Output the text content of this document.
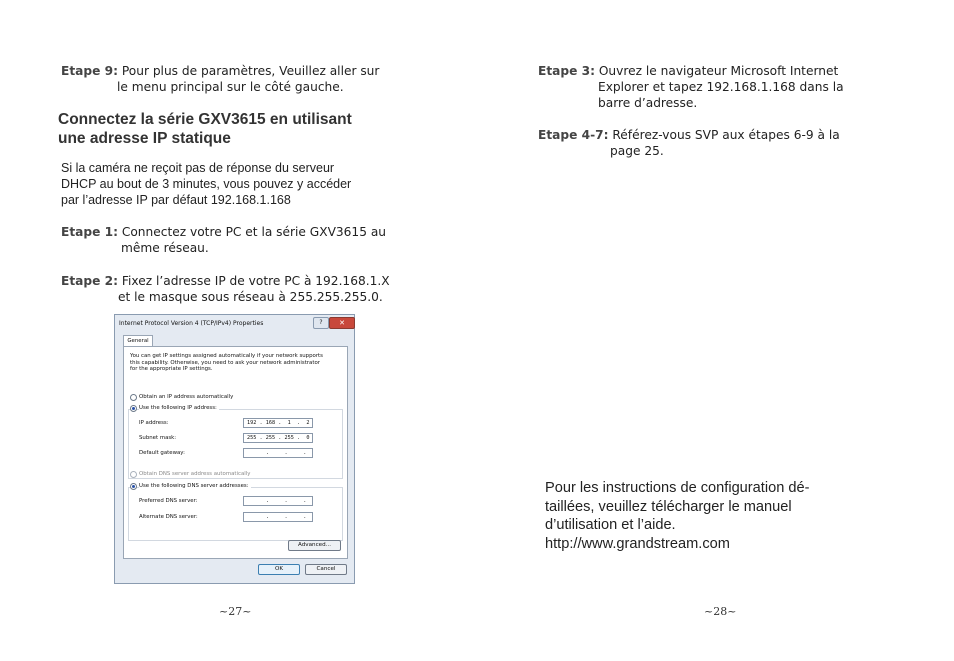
Etape 9: Pour plus de paramètres, Veuillez aller sur
le menu principal sur le côté gauche.
Connectez la série GXV3615 en utilisant
une adresse IP statique
Si la caméra ne reçoit pas de réponse du serveur
DHCP au bout de 3 minutes, vous pouvez y accéder
par l’adresse IP par défaut 192.168.1.168
Etape 1: Connectez votre PC et la série GXV3615 au
même réseau.
Etape 2: Fixez l’adresse IP de votre PC à 192.168.1.X
et le masque sous réseau à 255.255.255.0.
Internet Protocol Version 4 (TCP/IPv4) Properties	?	✕
General
You can get IP settings assigned automatically if your network supports
this capability. Otherwise, you need to ask your network administrator
for the appropriate IP settings.
Obtain an IP address automatically
Use the following IP address:
IP address:	192 . 168 .  1  .  2
Subnet mask:	255 . 255 . 255 .  0
Default gateway:	.     .     .
Obtain DNS server address automatically
Use the following DNS server addresses:
Preferred DNS server:	.     .     .
Alternate DNS server:	.     .     .
Advanced...
OK	Cancel
~27~
Etape 3: Ouvrez le navigateur Microsoft Internet
Explorer et tapez 192.168.1.168 dans la
barre d’adresse.
Etape 4-7: Référez-vous SVP aux étapes 6-9 à la
page 25.
Pour les instructions de configuration dé-
taillées, veuillez télécharger le manuel
d’utilisation et l’aide.
http://www.grandstream.com
~28~
